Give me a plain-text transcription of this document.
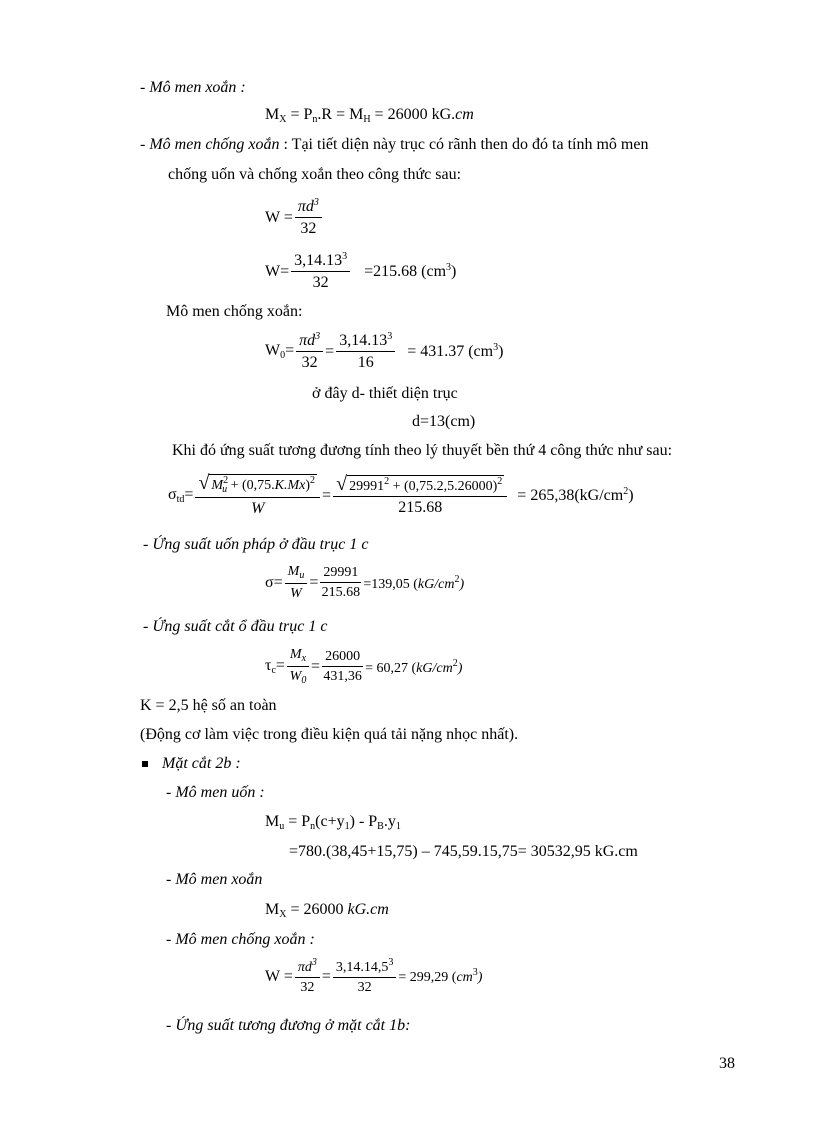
- Mô men xoắn :
$M_X = P_n.R = M_H = 26000$ kG.cm
- Mô men chống xoắn : Tại tiết diện này trục có rãnh then do đó ta tính mô men
chống uốn và chống xoắn theo công thức sau:
$W = \frac{\pi d^3}{32}$
$W= \frac{3,14.13^3}{32} =215.68$ $(cm^3)$
Mô men chống xoắn:
$W_0= \frac{\pi d^3}{32} = \frac{3,14.13^3}{16} = 431.37$ $(cm^3)$
ở đây d- thiết diện trục
d=13(cm)
Khi đó ứng suất tương đương tính theo lý thuyết bền thứ 4 công thức như sau:
$\sigma_{td}= \frac{√ M^2_u + (0,75.K.Mx)^2}{W} = \frac{√ 29991^2 + (0,75.2,5.26000)^2}{215.68} = 265,38(kG/cm^2)$
- Ứng suất uốn pháp ở đầu trục 1 c
$\sigma= \frac{M_u}{W} = \frac{29991}{215.68} =139,05$ $(kG/cm^2)$
- Ứng suất cắt ổ đầu trục 1 c
$\tau_c= \frac{M_x}{W_0} = \frac{26000}{431,36} = 60,27$ $(kG/cm^2)$
K = 2,5 hệ số an toàn
(Động cơ làm việc trong điều kiện quá tải nặng nhọc nhất).
Mặt cắt 2b :
- Mô men uốn :
$M_u = P_n(c+y_1) - P_B.y_1$
=780.(38,45+15,75) – 745,59.15,75= 30532,95 kG.cm
- Mô men xoắn
$M_X = 26000$ kG.cm
- Mô men chống xoắn :
$W = \frac{\pi d^3}{32} = \frac{3,14.14,5^3}{32} = 299,29$ $(cm^3)$
- Ứng suất tương đương ở mặt cắt 1b:
38
